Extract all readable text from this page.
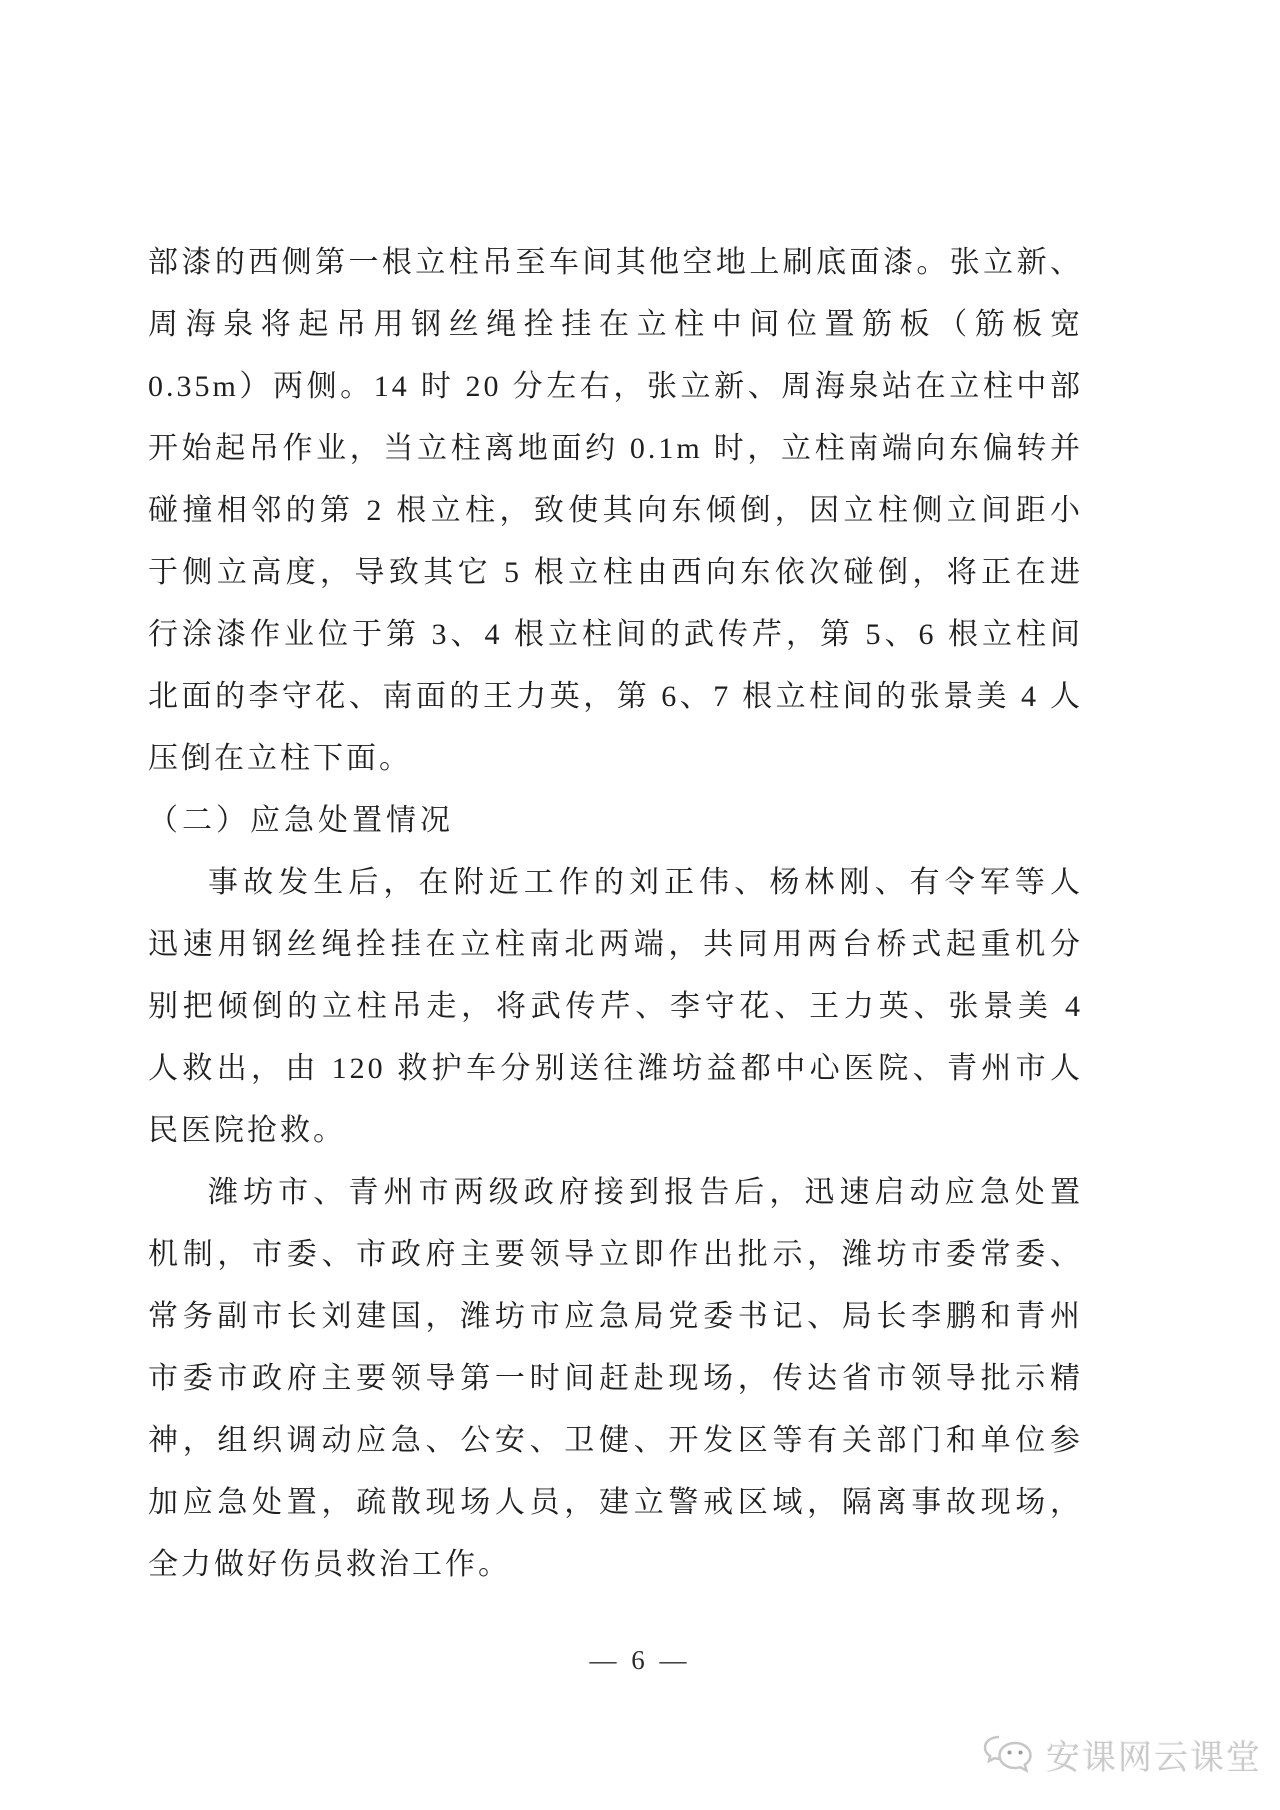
部漆的西侧第一根立柱吊至车间其他空地上刷底面漆。张立新、
周海泉将起吊用钢丝绳拴挂在立柱中间位置筋板（筋板宽
0.35m）两侧。14 时 20 分左右，张立新、周海泉站在立柱中部
开始起吊作业，当立柱离地面约 0.1m 时，立柱南端向东偏转并
碰撞相邻的第 2 根立柱，致使其向东倾倒，因立柱侧立间距小
于侧立高度，导致其它 5 根立柱由西向东依次碰倒，将正在进
行涂漆作业位于第 3、4 根立柱间的武传芹，第 5、6 根立柱间
北面的李守花、南面的王力英，第 6、7 根立柱间的张景美 4 人
压倒在立柱下面。
（二）应急处置情况
事故发生后，在附近工作的刘正伟、杨林刚、有令军等人
迅速用钢丝绳拴挂在立柱南北两端，共同用两台桥式起重机分
别把倾倒的立柱吊走，将武传芹、李守花、王力英、张景美 4
人救出，由 120 救护车分别送往潍坊益都中心医院、青州市人
民医院抢救。
潍坊市、青州市两级政府接到报告后，迅速启动应急处置
机制，市委、市政府主要领导立即作出批示，潍坊市委常委、
常务副市长刘建国，潍坊市应急局党委书记、局长李鹏和青州
市委市政府主要领导第一时间赶赴现场，传达省市领导批示精
神，组织调动应急、公安、卫健、开发区等有关部门和单位参
加应急处置，疏散现场人员，建立警戒区域，隔离事故现场，
全力做好伤员救治工作。
— 6 —
安课网云课堂
